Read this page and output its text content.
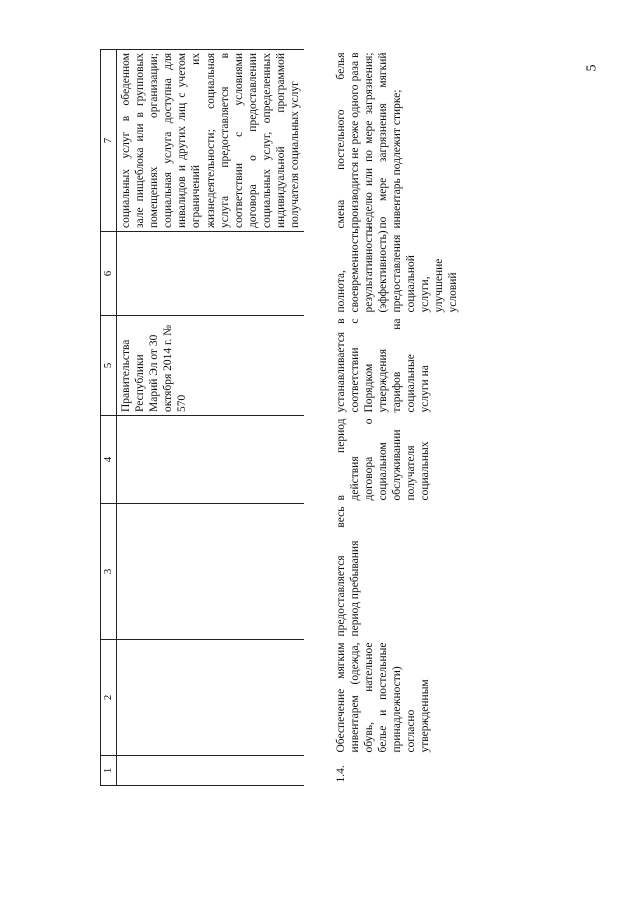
5
1	2	3	4	5	6	7
				Правительства Республики Марий Эл от 30 октября 2014 г. № 570		социальных услуг в обеденном зале пищеблока или в групповых помещениях организации; социальная услуга доступна для инвалидов и других лиц с учетом ограничений их жизнедеятельности; социальная услуга предоставляется в соответствии с условиями договора о предоставлении социальных услуг, определенных индивидуальной программой получателя социальных услуг

1.4.	Обеспечение мягким инвентарем (одежда, обувь, нательное белье и постельные принадлежности) согласно утвержденным	предоставляется весь период пребывания	в период действия договора о социальном обслуживании получателя социальных	устанавливается в соответствии с Порядком утверждения тарифов на социальные услуги на	полнота, своевременность, результативность (эффективность) предоставления социальной услуги, улучшение условий	смена постельного белья производится не реже одного раза в неделю или по мере загрязнения; по мере загрязнения мягкий инвентарь подлежит стирке;
